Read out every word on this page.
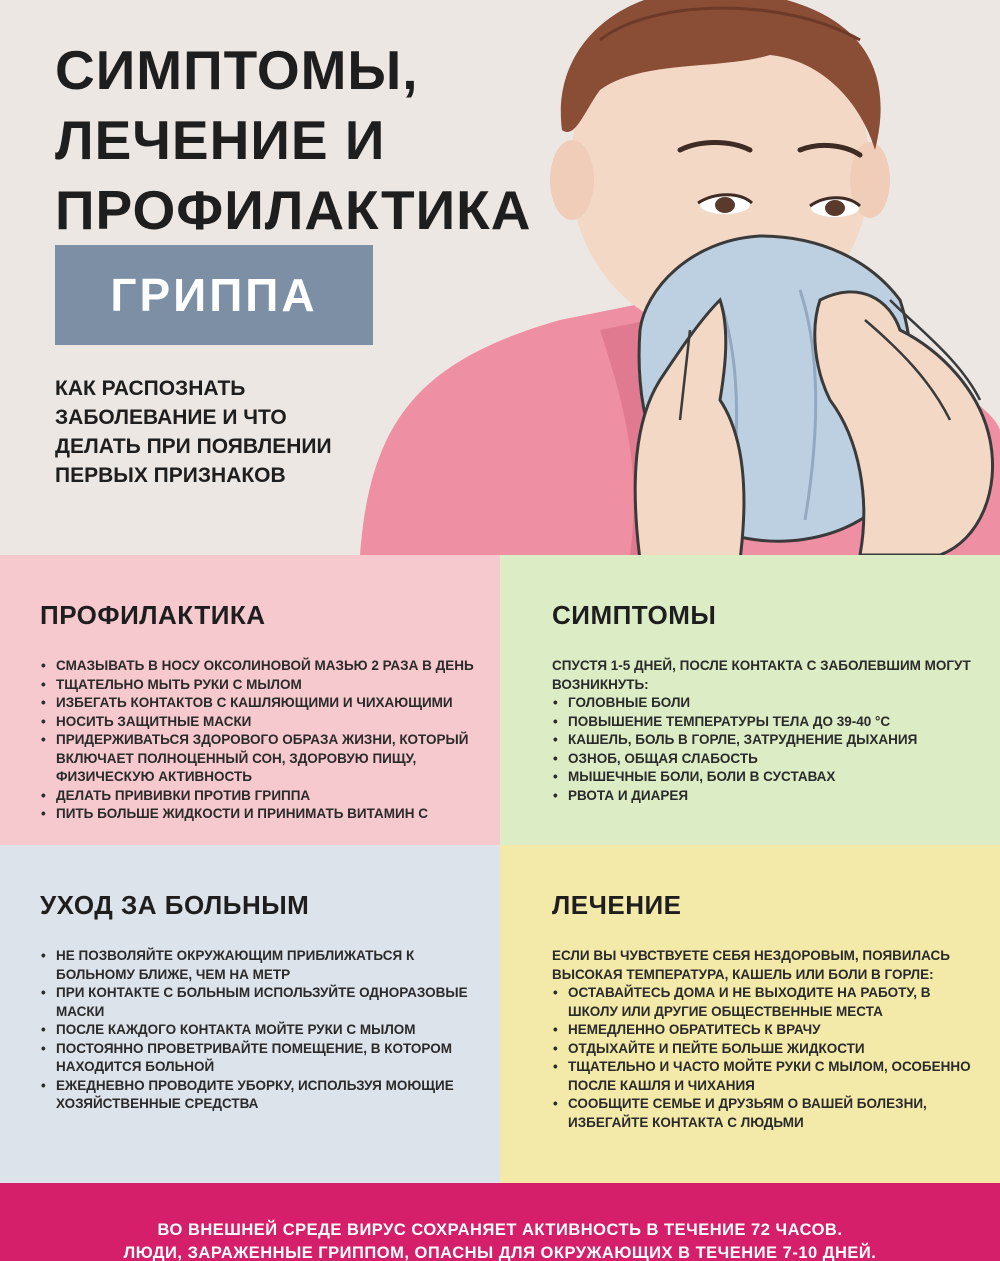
СИМПТОМЫ,
ЛЕЧЕНИЕ И
ПРОФИЛАКТИКА
ГРИППА
КАК РАСПОЗНАТЬ
ЗАБОЛЕВАНИЕ И ЧТО
ДЕЛАТЬ ПРИ ПОЯВЛЕНИИ
ПЕРВЫХ ПРИЗНАКОВ
ПРОФИЛАКТИКА
• СМАЗЫВАТЬ В НОСУ ОКСОЛИНОВОЙ МАЗЬЮ 2 РАЗА В ДЕНЬ
• ТЩАТЕЛЬНО МЫТЬ РУКИ С МЫЛОМ
• ИЗБЕГАТЬ КОНТАКТОВ С КАШЛЯЮЩИМИ И ЧИХАЮЩИМИ
• НОСИТЬ ЗАЩИТНЫЕ МАСКИ
• ПРИДЕРЖИВАТЬСЯ ЗДОРОВОГО ОБРАЗА ЖИЗНИ, КОТОРЫЙ ВКЛЮЧАЕТ ПОЛНОЦЕННЫЙ СОН, ЗДОРОВУЮ ПИЩУ, ФИЗИЧЕСКУЮ АКТИВНОСТЬ
• ДЕЛАТЬ ПРИВИВКИ ПРОТИВ ГРИППА
• ПИТЬ БОЛЬШЕ ЖИДКОСТИ И ПРИНИМАТЬ ВИТАМИН С
СИМПТОМЫ

СПУСТЯ 1-5 ДНЕЙ, ПОСЛЕ КОНТАКТА С ЗАБОЛЕВШИМ МОГУТ ВОЗНИКНУТЬ:

• ГОЛОВНЫЕ БОЛИ
• ПОВЫШЕНИЕ ТЕМПЕРАТУРЫ ТЕЛА ДО 39-40 °С
• КАШЕЛЬ, БОЛЬ В ГОРЛЕ, ЗАТРУДНЕНИЕ ДЫХАНИЯ
• ОЗНОБ, ОБЩАЯ СЛАБОСТЬ
• МЫШЕЧНЫЕ БОЛИ, БОЛИ В СУСТАВАХ
• РВОТА И ДИАРЕЯ
УХОД ЗА БОЛЬНЫМ
• НЕ ПОЗВОЛЯЙТЕ ОКРУЖАЮЩИМ ПРИБЛИЖАТЬСЯ К БОЛЬНОМУ БЛИЖЕ, ЧЕМ НА МЕТР
• ПРИ КОНТАКТЕ С БОЛЬНЫМ ИСПОЛЬЗУЙТЕ ОДНОРАЗОВЫЕ МАСКИ
• ПОСЛЕ КАЖДОГО КОНТАКТА МОЙТЕ РУКИ С МЫЛОМ
• ПОСТОЯННО ПРОВЕТРИВАЙТЕ ПОМЕЩЕНИЕ, В КОТОРОМ НАХОДИТСЯ БОЛЬНОЙ
• ЕЖЕДНЕВНО ПРОВОДИТЕ УБОРКУ, ИСПОЛЬЗУЯ МОЮЩИЕ ХОЗЯЙСТВЕННЫЕ СРЕДСТВА
ЛЕЧЕНИЕ

ЕСЛИ ВЫ ЧУВСТВУЕТЕ СЕБЯ НЕЗДОРОВЫМ, ПОЯВИЛАСЬ ВЫСОКАЯ ТЕМПЕРАТУРА, КАШЕЛЬ ИЛИ БОЛИ В ГОРЛЕ:

• ОСТАВАЙТЕСЬ ДОМА И НЕ ВЫХОДИТЕ НА РАБОТУ, В ШКОЛУ ИЛИ ДРУГИЕ ОБЩЕСТВЕННЫЕ МЕСТА
• НЕМЕДЛЕННО ОБРАТИТЕСЬ К ВРАЧУ
• ОТДЫХАЙТЕ И ПЕЙТЕ БОЛЬШЕ ЖИДКОСТИ
• ТЩАТЕЛЬНО И ЧАСТО МОЙТЕ РУКИ С МЫЛОМ, ОСОБЕННО ПОСЛЕ КАШЛЯ И ЧИХАНИЯ
• СООБЩИТЕ СЕМЬЕ И ДРУЗЬЯМ О ВАШЕЙ БОЛЕЗНИ, ИЗБЕГАЙТЕ КОНТАКТА С ЛЮДЬМИ
ВО ВНЕШНЕЙ СРЕДЕ ВИРУС СОХРАНЯЕТ АКТИВНОСТЬ В ТЕЧЕНИЕ 72 ЧАСОВ.
ЛЮДИ, ЗАРАЖЕННЫЕ ГРИППОМ, ОПАСНЫ ДЛЯ ОКРУЖАЮЩИХ В ТЕЧЕНИЕ 7-10 ДНЕЙ.
